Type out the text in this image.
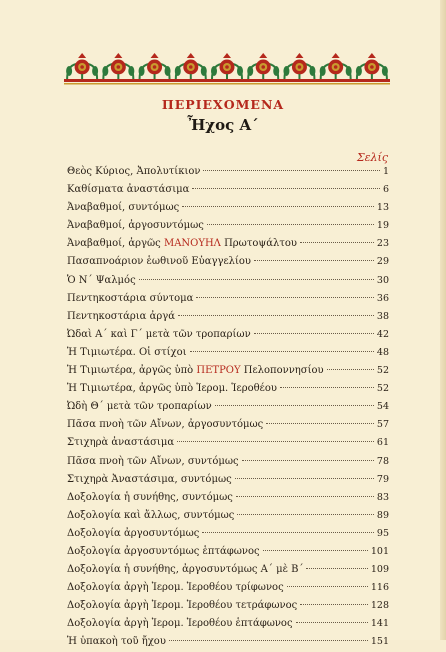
ΠΕΡΙΕΧΟΜΕΝΑ
Ἦχος Α΄
Σελίς
Θεὸς Κύριος, Ἀπολυτίκιον	1
Καθίσματα ἀναστάσιμα	6
Ἀναβαθμοί, συντόμως	13
Ἀναβαθμοί, ἀργοσυντόμως	19
Ἀναβαθμοί, ἀργῶς ΜΑΝΟΥΗΛ Πρωτοψάλτου	23
Πασαπνοάριον ἑωθινοῦ Εὐαγγελίου	29
Ὁ Ν΄ Ψαλμός	30
Πεντηκοστάρια σύντομα	36
Πεντηκοστάρια ἀργά	38
Ὠδαὶ Α΄ καὶ Γ΄ μετὰ τῶν τροπαρίων	42
Ἡ Τιμιωτέρα. Οἱ στίχοι	48
Ἡ Τιμιωτέρα, ἀργῶς ὑπὸ ΠΕΤΡΟΥ Πελοποννησίου	52
Ἡ Τιμιωτέρα, ἀργῶς ὑπὸ Ἱερομ. Ἱεροθέου	52
Ὠδὴ Θ΄ μετὰ τῶν τροπαρίων	54
Πᾶσα πνοὴ τῶν Αἴνων, ἀργοσυντόμως	57
Στιχηρὰ ἀναστάσιμα	61
Πᾶσα πνοὴ τῶν Αἴνων, συντόμως	78
Στιχηρὰ Ἀναστάσιμα, συντόμως	79
Δοξολογία ἡ συνήθης, συντόμως	83
Δοξολογία καὶ ἄλλως, συντόμως	89
Δοξολογία ἀργοσυντόμως	95
Δοξολογία ἀργοσυντόμως ἑπτάφωνος	101
Δοξολογία ἡ συνήθης, ἀργοσυντόμως Α΄ μὲ Β΄	109
Δοξολογία ἀργὴ Ἱερομ. Ἱεροθέου τρίφωνος	116
Δοξολογία ἀργὴ Ἱερομ. Ἱεροθέου τετράφωνος	128
Δοξολογία ἀργὴ Ἱερομ. Ἱεροθέου ἑπτάφωνος	141
Ἡ ὑπακοὴ τοῦ ἤχου	151
